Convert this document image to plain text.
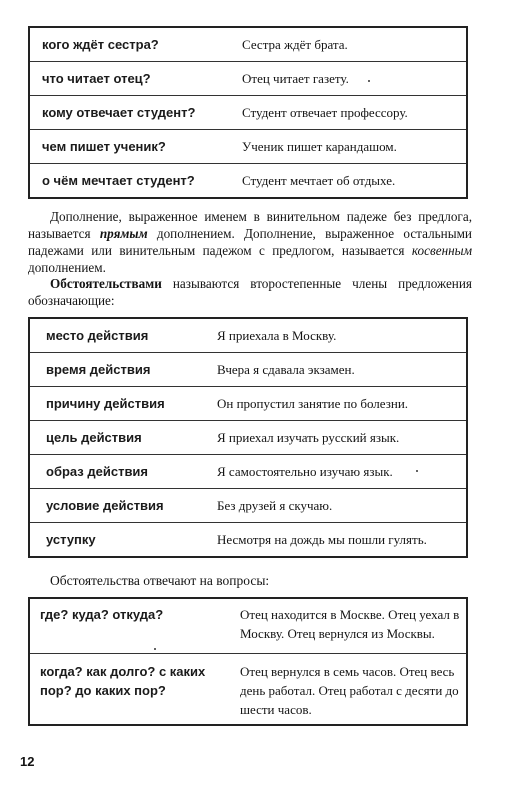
кого ждёт сестра?	Сестра ждёт брата.
что читает отец?	Отец читает газету.
кому отвечает студент?	Студент отвечает профессору.
чем пишет ученик?	Ученик пишет карандашом.
о чём мечтает студент?	Студент мечтает об отдыхе.

Дополнение, выраженное именем в винительном падеже без предлога, называется прямым дополнением. Дополнение, выраженное остальными падежами или винительным падежом с предлогом, называется косвенным дополнением.

Обстоятельствами называются второстепенные члены предложения обозначающие:

место действия	Я приехала в Москву.
время действия	Вчера я сдавала экзамен.
причину действия	Он пропустил занятие по болезни.
цель действия	Я приехал изучать русский язык.
образ действия	Я самостоятельно изучаю язык.
условие действия	Без друзей я скучаю.
уступку	Несмотря на дождь мы пошли гулять.

Обстоятельства отвечают на вопросы:

где? куда? откуда?	Отец находится в Москве. Отец уехал в Москву. Отец вернулся из Москвы.
когда? как долго? с каких пор? до каких пор?	Отец вернулся в семь часов. Отец весь день работал. Отец работал с десяти до шести часов.
12
